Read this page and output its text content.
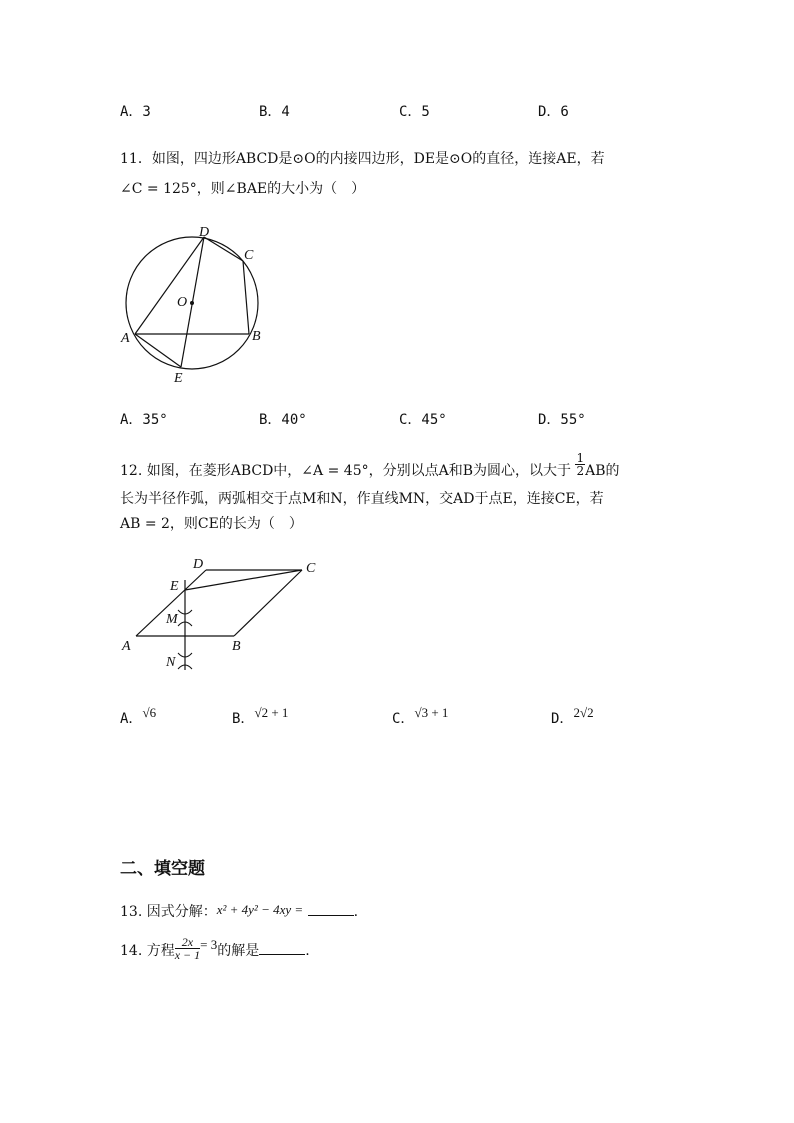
A．3	B．4	C．5	D．6
11．如图，四边形ABCD是⊙O的内接四边形，DE是⊙O的直径，连接AE，若
∠C = 125°，则∠BAE的大小为（　）
D
C
O
A	B
E
A．35°	B．40°	C．45°	D．55°
12. 如图，在菱形ABCD中，∠A = 45°，分别以点A和B为圆心，以大于 $\frac{1}{2}$ AB的
长为半径作弧，两弧相交于点M和N，作直线MN，交AD于点E，连接CE，若
AB = 2，则CE的长为（　）
D	C
E
M
A	B
N
A．$^{√6}$	B．$^{√2 + 1}$	C．$^{√3 + 1}$	D．$^{2√2}$
二、填空题
13. 因式分解：x² + 4y² − 4xy =	.
14. 方程 $\frac{2x}{x - 1} = 3$的解是	.
